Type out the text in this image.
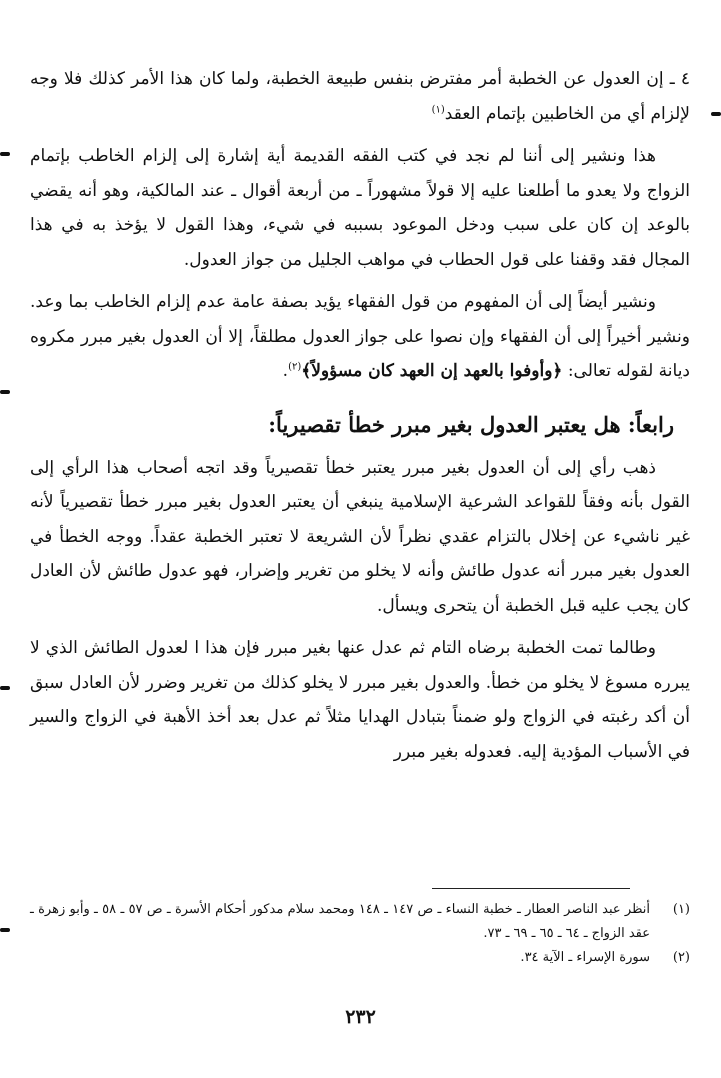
٤ ـ إن العدول عن الخطبة أمر مفترض بنفس طبيعة الخطبة، ولما كان هذا الأمر كذلك فلا وجه لإلزام أي من الخاطبين بإتمام العقد$^{(١)}$

هذا ونشير إلى أننا لم نجد في كتب الفقه القديمة أية إشارة إلى إلزام الخاطب بإتمام الزواج ولا يعدو ما أطلعنا عليه إلا قولاً مشهوراً ـ من أربعة أقوال ـ عند المالكية، وهو أنه يقضي بالوعد إن كان على سبب ودخل الموعود بسببه في شيء، وهذا القول لا يؤخذ به في هذا المجال فقد وقفنا على قول الحطاب في مواهب الجليل من جواز العدول.

ونشير أيضاً إلى أن المفهوم من قول الفقهاء يؤيد بصفة عامة عدم إلزام الخاطب بما وعد. ونشير أخيراً إلى أن الفقهاء وإن نصوا على جواز العدول مطلقاً، إلا أن العدول بغير مبرر مكروه ديانة لقوله تعالى: ﴿وأوفوا بالعهد إن العهد كان مسؤولاً﴾$^{(٢)}$.

رابعاً: هل يعتبر العدول بغير مبرر خطأ تقصيرياً:

ذهب رأي إلى أن العدول بغير مبرر يعتبر خطأ تقصيرياً وقد اتجه أصحاب هذا الرأي إلى القول بأنه وفقاً للقواعد الشرعية الإسلامية ينبغي أن يعتبر العدول بغير مبرر خطأ تقصيرياً لأنه غير ناشيء عن إخلال بالتزام عقدي نظراً لأن الشريعة لا تعتبر الخطبة عقداً. ووجه الخطأ في العدول بغير مبرر أنه عدول طائش وأنه لا يخلو من تغرير وإضرار، فهو عدول طائش لأن العادل كان يجب عليه قبل الخطبة أن يتحرى ويسأل.

وطالما تمت الخطبة برضاه التام ثم عدل عنها بغير مبرر فإن هذا ا لعدول الطائش الذي لا يبرره مسوغ لا يخلو من خطأ. والعدول بغير مبرر لا يخلو كذلك من تغرير وضرر لأن العادل سبق أن أكد رغبته في الزواج ولو ضمناً بتبادل الهدايا مثلاً ثم عدل بعد أخذ الأهبة في الزواج والسير في الأسباب المؤدية إليه. فعدوله بغير مبرر

(١)
أنظر عبد الناصر العطار ـ خطبة النساء ـ ص ١٤٧ ـ ١٤٨ ومحمد سلام مدكور أحكام الأسرة ـ ص ٥٧ ـ ٥٨ ـ وأبو زهرة ـ عقد الزواج ـ ٦٤ ـ ٦٥ ـ ٦٩ ـ ٧٣.
(٢)
سورة الإسراء ـ الآية ٣٤.
٢٣٢
